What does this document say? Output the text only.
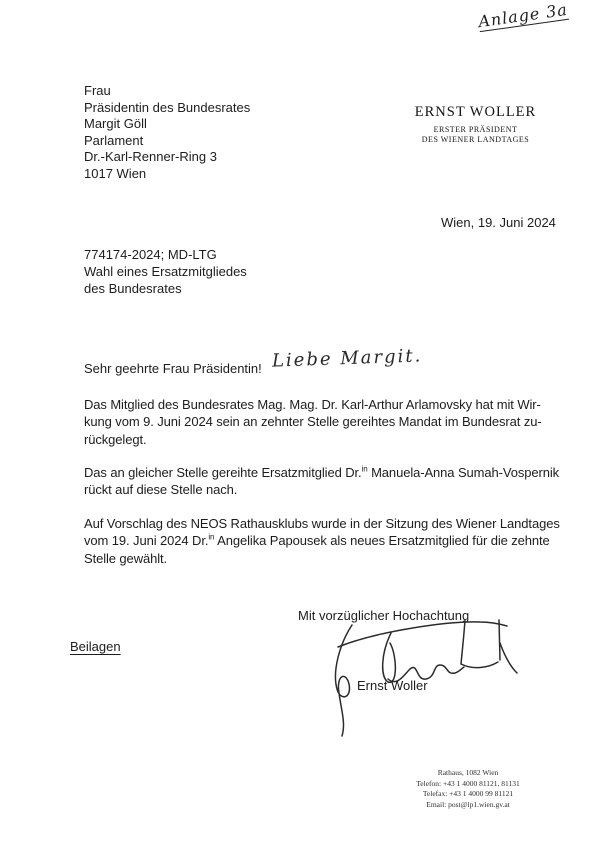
Anlage 3a
Frau
Präsidentin des Bundesrates
Margit Göll
Parlament
Dr.-Karl-Renner-Ring 3
1017 Wien
ERNST WOLLER
ERSTER PRÄSIDENT
DES WIENER LANDTAGES
Wien, 19. Juni 2024
774174-2024; MD-LTG
Wahl eines Ersatzmitgliedes
des Bundesrates
Sehr geehrte Frau Präsidentin! Liebe Margit.
Das Mitglied des Bundesrates Mag. Mag. Dr. Karl-Arthur Arlamovsky hat mit Wir-
kung vom 9. Juni 2024 sein an zehnter Stelle gereihtes Mandat im Bundesrat zu-
rückgelegt.
Das an gleicher Stelle gereihte Ersatzmitglied Dr.$^{in}$ Manuela-Anna Sumah-Vospernik
rückt auf diese Stelle nach.
Auf Vorschlag des NEOS Rathausklubs wurde in der Sitzung des Wiener Landtages
vom 19. Juni 2024 Dr.$^{in}$ Angelika Papousek als neues Ersatzmitglied für die zehnte
Stelle gewählt.
Mit vorzüglicher Hochachtung
Ernst Woller
Beilagen
Rathaus, 1082 Wien
Telefon: +43 1 4000 81121, 81131
Telefax: +43 1 4000 99 81121
Email: post@lp1.wien.gv.at
